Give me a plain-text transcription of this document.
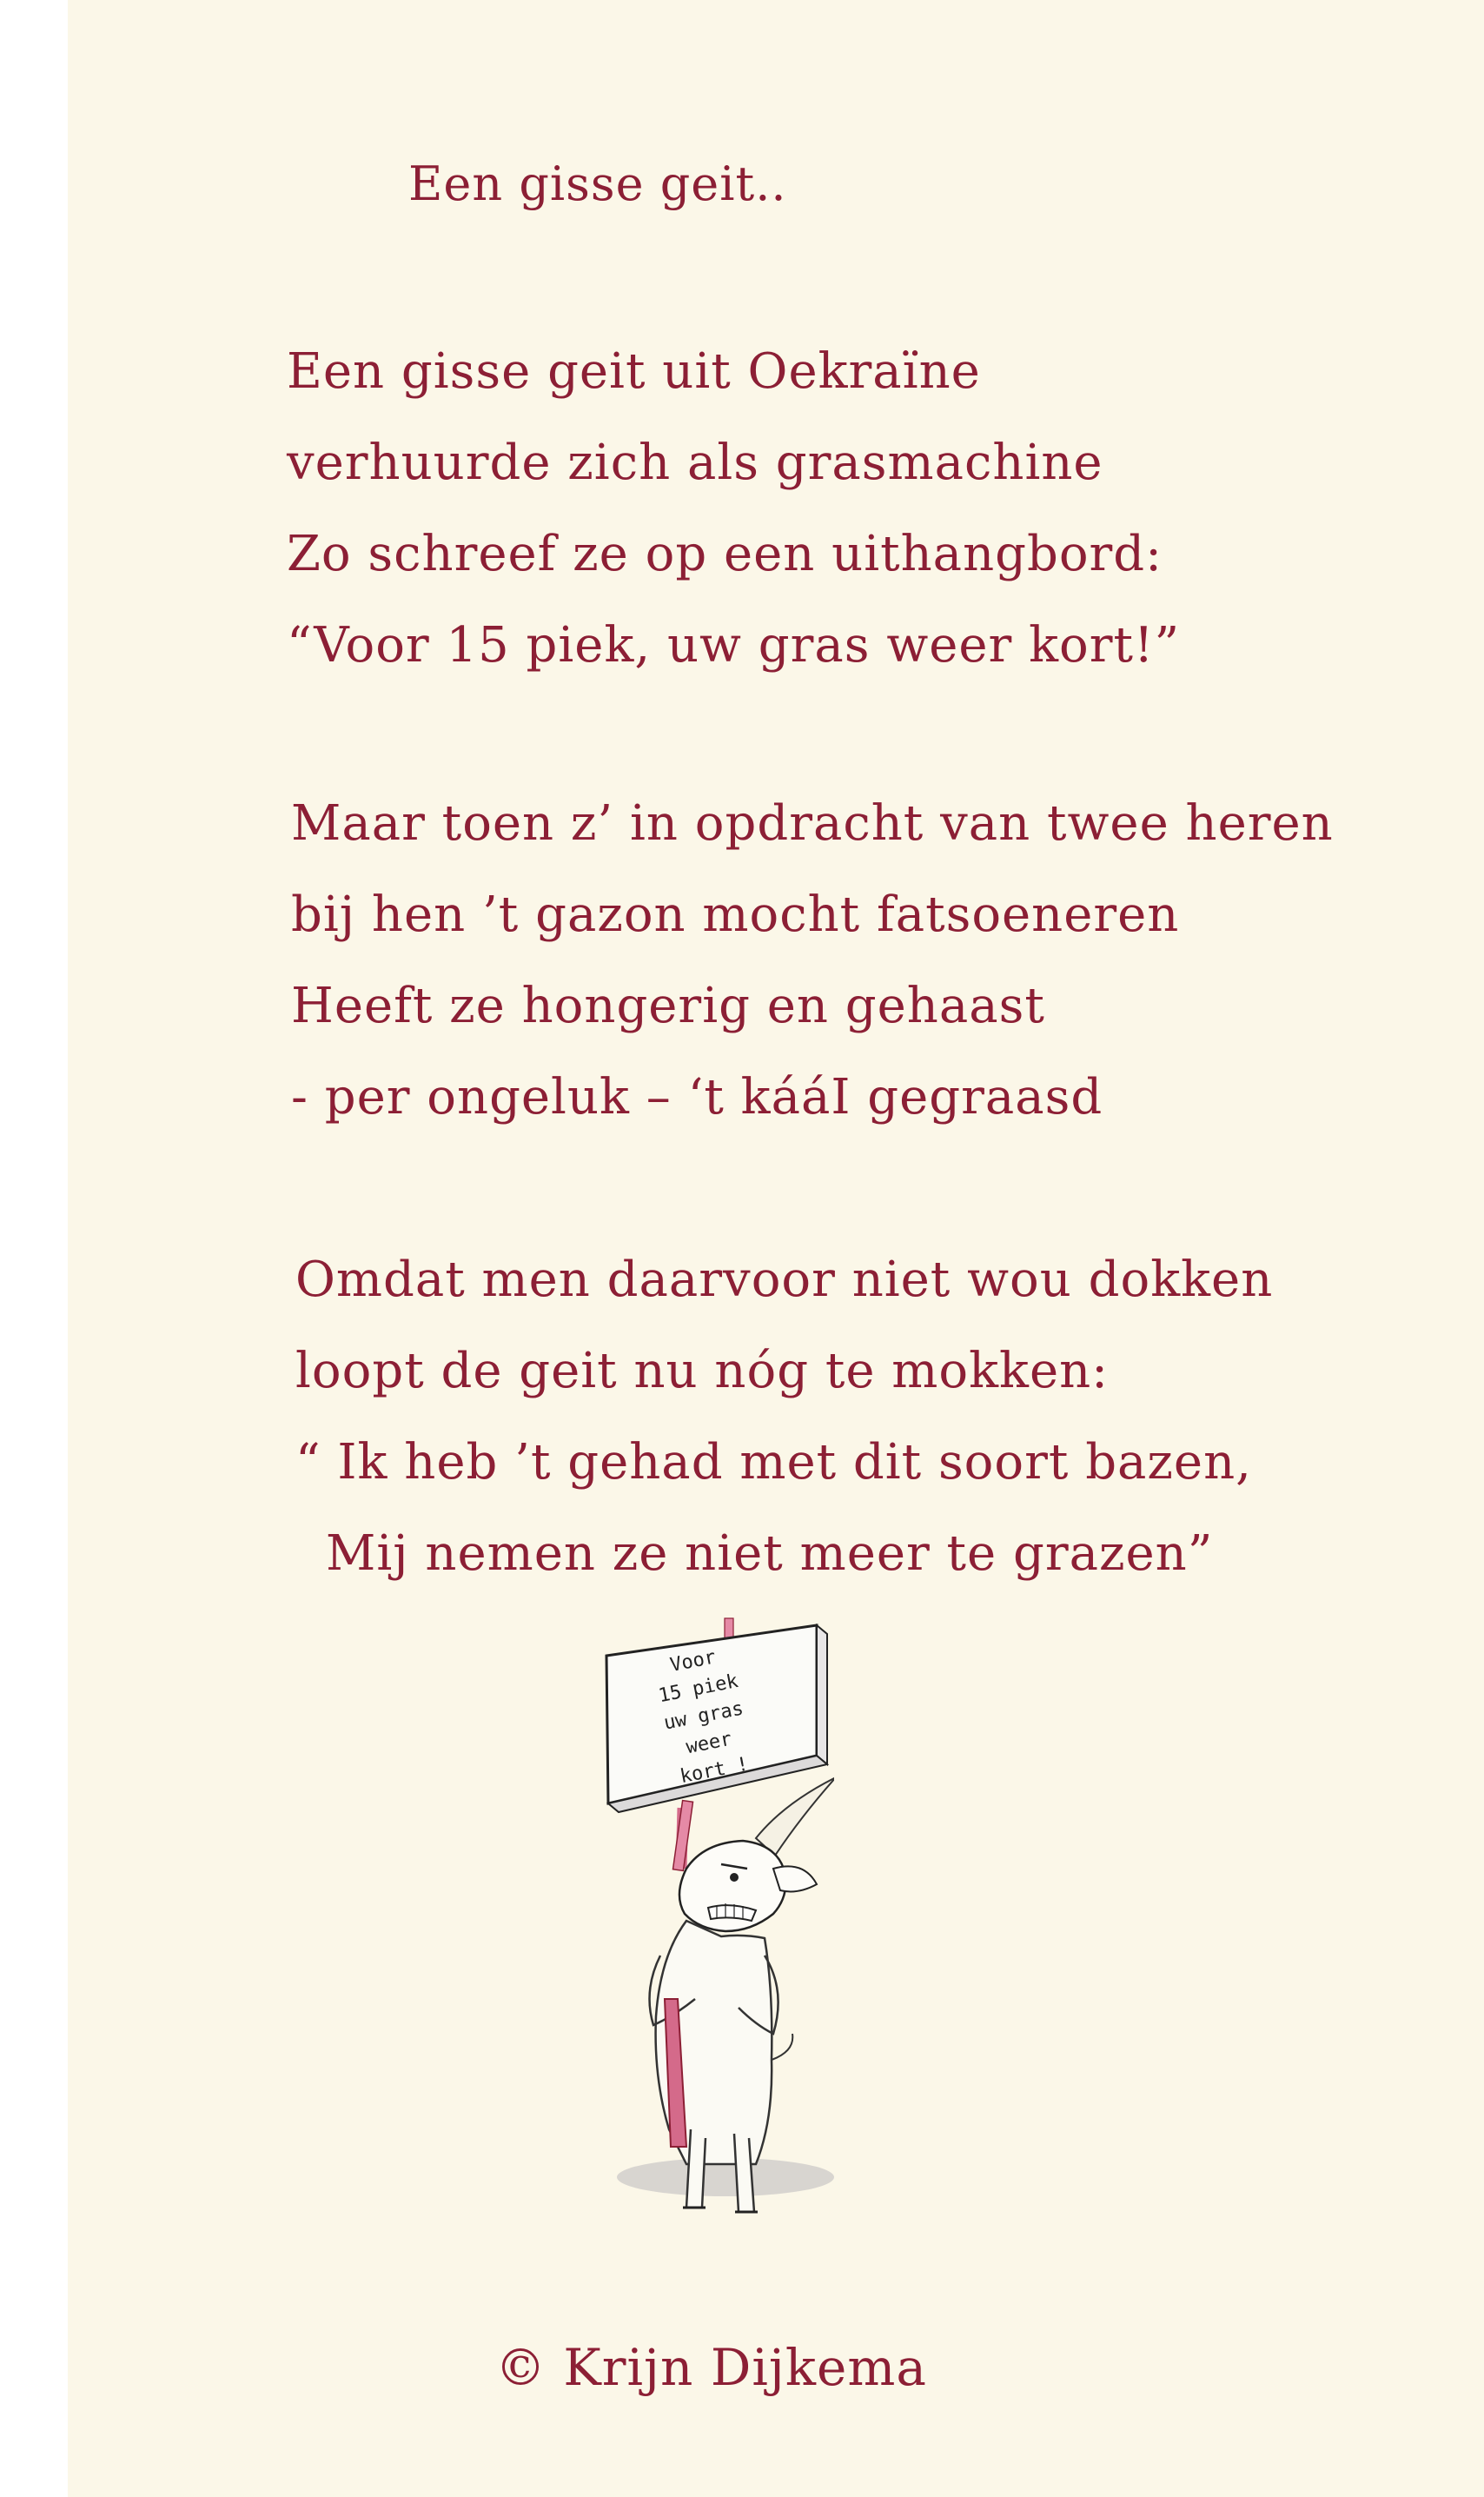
Een gisse geit..
Een gisse geit uit Oekraïne
verhuurde zich als grasmachine
Zo schreef ze op een uithangbord:
“Voor 15 piek, uw gras weer kort!”
Maar toen z’ in opdracht van twee heren
bij hen ’t gazon mocht fatsoeneren
Heeft ze hongerig en gehaast
- per ongeluk – ‘t kááI gegraasd
Omdat men daarvoor niet wou dokken
loopt de geit nu nóg te mokken:
“ Ik heb ’t gehad met dit soort bazen,
Mij nemen ze niet meer te grazen”
Voor
15 piek
uw gras
weer
kort !
© Krijn Dijkema
